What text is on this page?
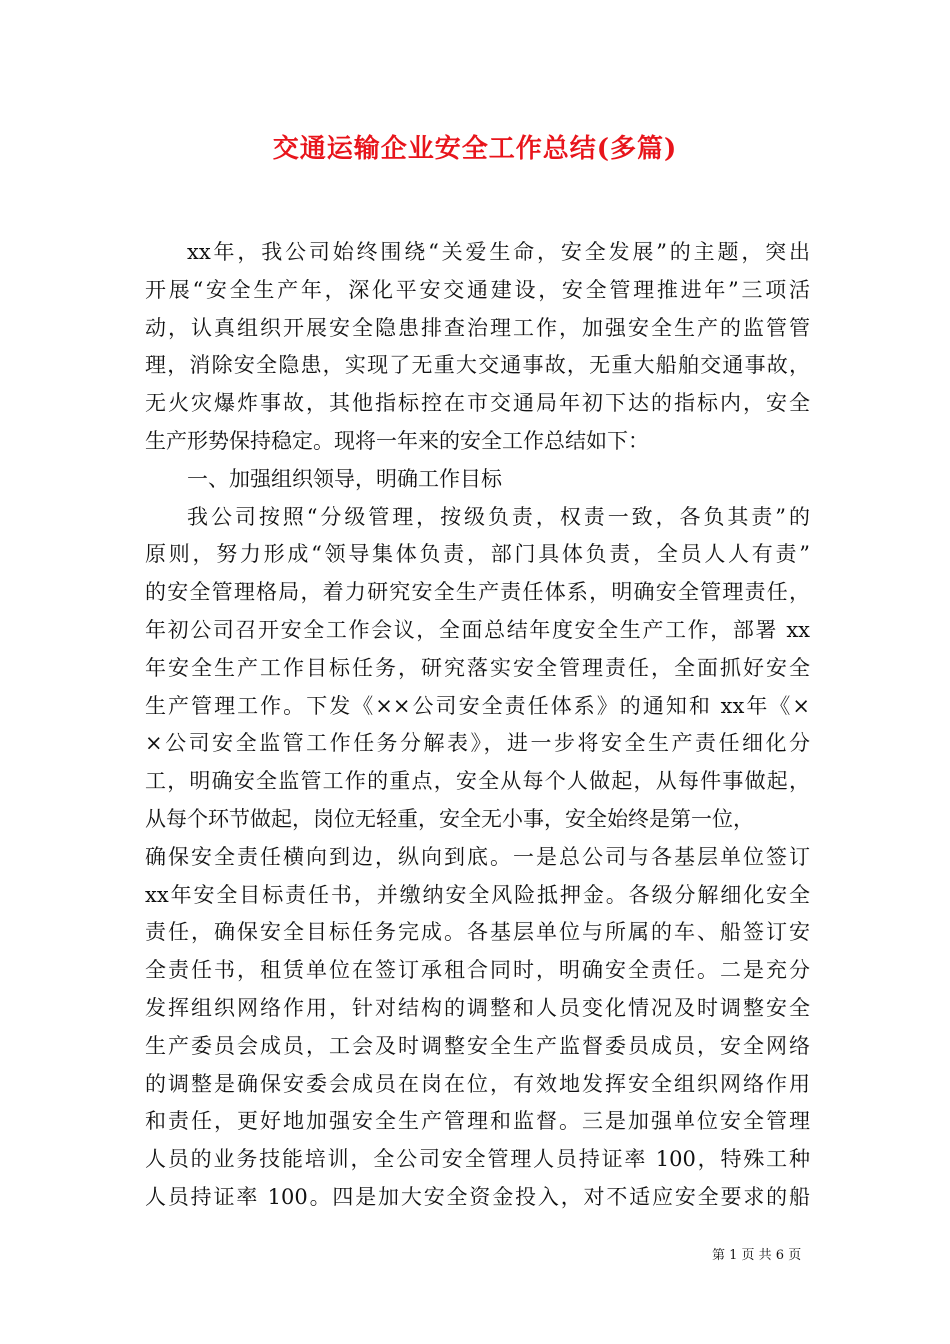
交通运输企业安全工作总结(多篇)
xx年，我公司始终围绕“关爱生命，安全发展”的主题，突出
开展“安全生产年，深化平安交通建设，安全管理推进年”三项活
动，认真组织开展安全隐患排查治理工作，加强安全生产的监管管
理，消除安全隐患，实现了无重大交通事故，无重大船舶交通事故，
无火灾爆炸事故，其他指标控在市交通局年初下达的指标内，安全
生产形势保持稳定。现将一年来的安全工作总结如下：
一、加强组织领导，明确工作目标
我公司按照“分级管理，按级负责，权责一致，各负其责”的
原则，努力形成“领导集体负责，部门具体负责，全员人人有责”
的安全管理格局，着力研究安全生产责任体系，明确安全管理责任，
年初公司召开安全工作会议，全面总结年度安全生产工作，部署 xx
年安全生产工作目标任务，研究落实安全管理责任，全面抓好安全
生产管理工作。下发《××公司安全责任体系》的通知和 xx年《×
×公司安全监管工作任务分解表》，进一步将安全生产责任细化分
工，明确安全监管工作的重点，安全从每个人做起，从每件事做起，
从每个环节做起，岗位无轻重，安全无小事，安全始终是第一位，
确保安全责任横向到边，纵向到底。一是总公司与各基层单位签订
xx年安全目标责任书，并缴纳安全风险抵押金。各级分解细化安全
责任，确保安全目标任务完成。各基层单位与所属的车、船签订安
全责任书，租赁单位在签订承租合同时，明确安全责任。二是充分
发挥组织网络作用，针对结构的调整和人员变化情况及时调整安全
生产委员会成员，工会及时调整安全生产监督委员成员，安全网络
的调整是确保安委会成员在岗在位，有效地发挥安全组织网络作用
和责任，更好地加强安全生产管理和监督。三是加强单位安全管理
人员的业务技能培训，全公司安全管理人员持证率 100，特殊工种
人员持证率 100。四是加大安全资金投入，对不适应安全要求的船
第 1 页 共 6 页
